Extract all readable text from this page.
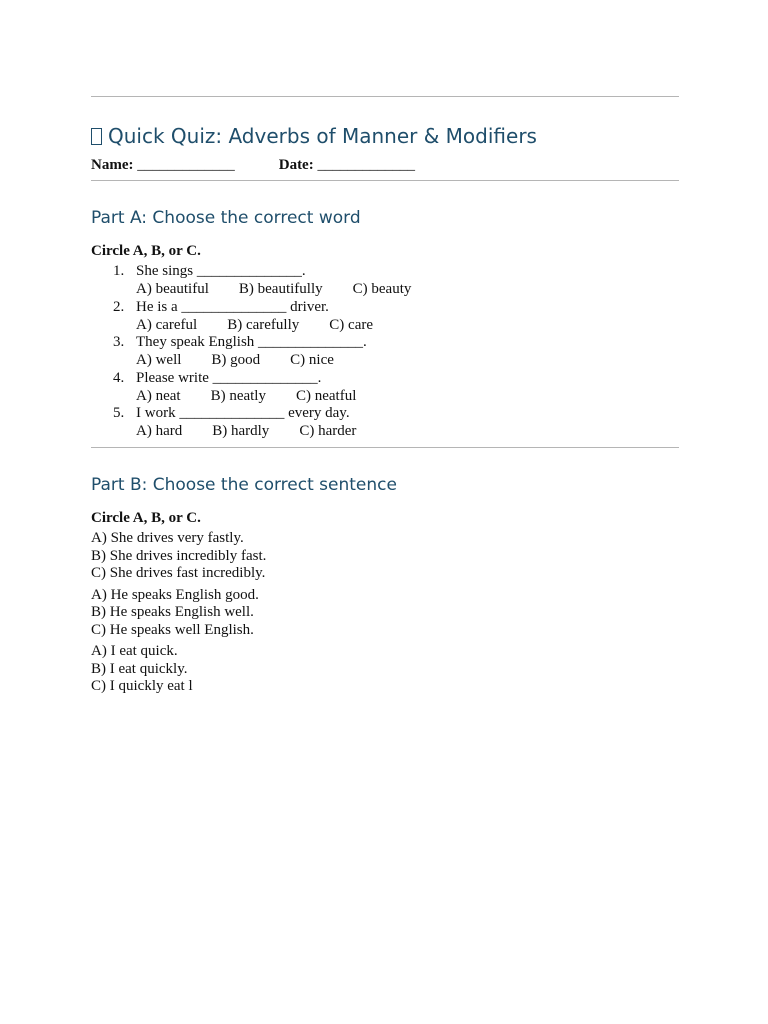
Quick Quiz: Adverbs of Manner & Modifiers
Name: _____________	Date: _____________
Part A: Choose the correct word
Circle A, B, or C.
1. She sings ______________.
A) beautiful B) beautifully C) beauty
2. He is a ______________ driver.
A) careful B) carefully C) care
3. They speak English ______________.
A) well B) good C) nice
4. Please write ______________.
A) neat B) neatly C) neatful
5. I work ______________ every day.
A) hard B) hardly C) harder
Part B: Choose the correct sentence
Circle A, B, or C.
A) She drives very fastly.
B) She drives incredibly fast.
C) She drives fast incredibly.
A) He speaks English good.
B) He speaks English well.
C) He speaks well English.
A) I eat quick.
B) I eat quickly.
C) I quickly eat l
